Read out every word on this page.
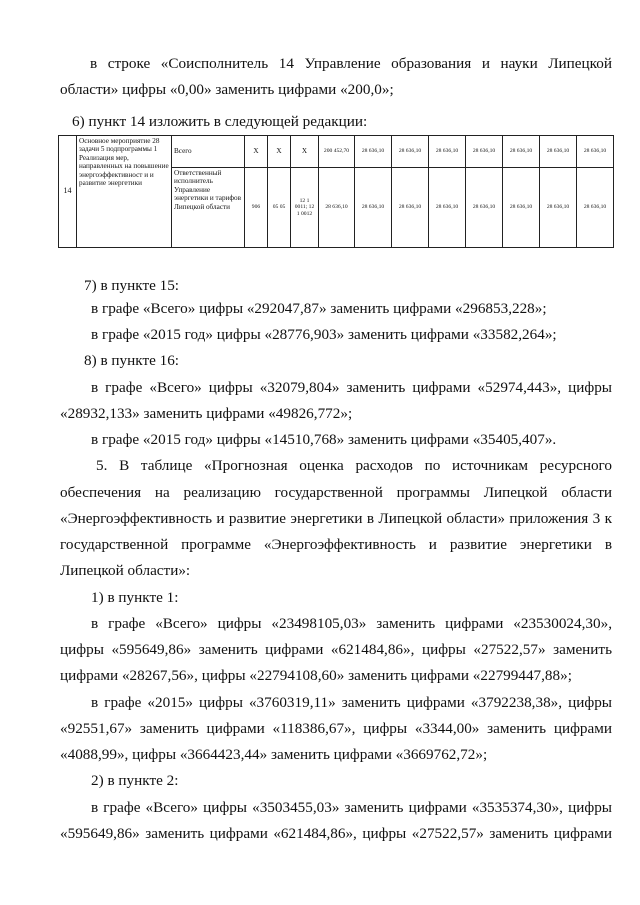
в строке «Соисполнитель 14 Управление образования и науки Липецкой
области» цифры «0,00» заменить цифрами «200,0»;
6) пункт 14 изложить в следующей редакции:
14	Основное мероприятие 28 задачи 5 подпрограммы 1 Реализация мер, направленных на повышение энергоэффективност и и развитие энергетики	Всего	X	X	X	200 452,70	28 636,10	28 636,10	28 636,10	28 636,10	28 636,10	28 636,10	28 636,10
		Ответственный исполнитель Управление энергетики и тарифов Липецкой области	906	05 05	12 1 0011; 12 1 0012	28 636,10	28 636,10	28 636,10	28 636,10	28 636,10	28 636,10	28 636,10	28 636,10
7) в пункте 15:
в графе «Всего» цифры «292047,87» заменить цифрами «296853,228»;
в графе «2015 год» цифры «28776,903» заменить цифрами «33582,264»;
8) в пункте 16:
в графе «Всего» цифры «32079,804» заменить цифрами «52974,443», цифры
«28932,133» заменить цифрами «49826,772»;
в графе «2015 год» цифры «14510,768» заменить цифрами «35405,407».
5. В таблице «Прогнозная оценка расходов по источникам ресурсного
обеспечения на реализацию государственной программы Липецкой области
«Энергоэффективность и развитие энергетики в Липецкой области» приложения 3 к
государственной программе «Энергоэффективность и развитие энергетики в
Липецкой области»:
1) в пункте 1:
в графе «Всего» цифры «23498105,03» заменить цифрами «23530024,30»,
цифры «595649,86» заменить цифрами «621484,86», цифры «27522,57» заменить
цифрами «28267,56», цифры «22794108,60» заменить цифрами «22799447,88»;
в графе «2015» цифры «3760319,11» заменить цифрами «3792238,38», цифры
«92551,67» заменить цифрами «118386,67», цифры «3344,00» заменить цифрами
«4088,99», цифры «3664423,44» заменить цифрами «3669762,72»;
2) в пункте 2:
в графе «Всего» цифры «3503455,03» заменить цифрами «3535374,30», цифры
«595649,86» заменить цифрами «621484,86», цифры «27522,57» заменить цифрами
